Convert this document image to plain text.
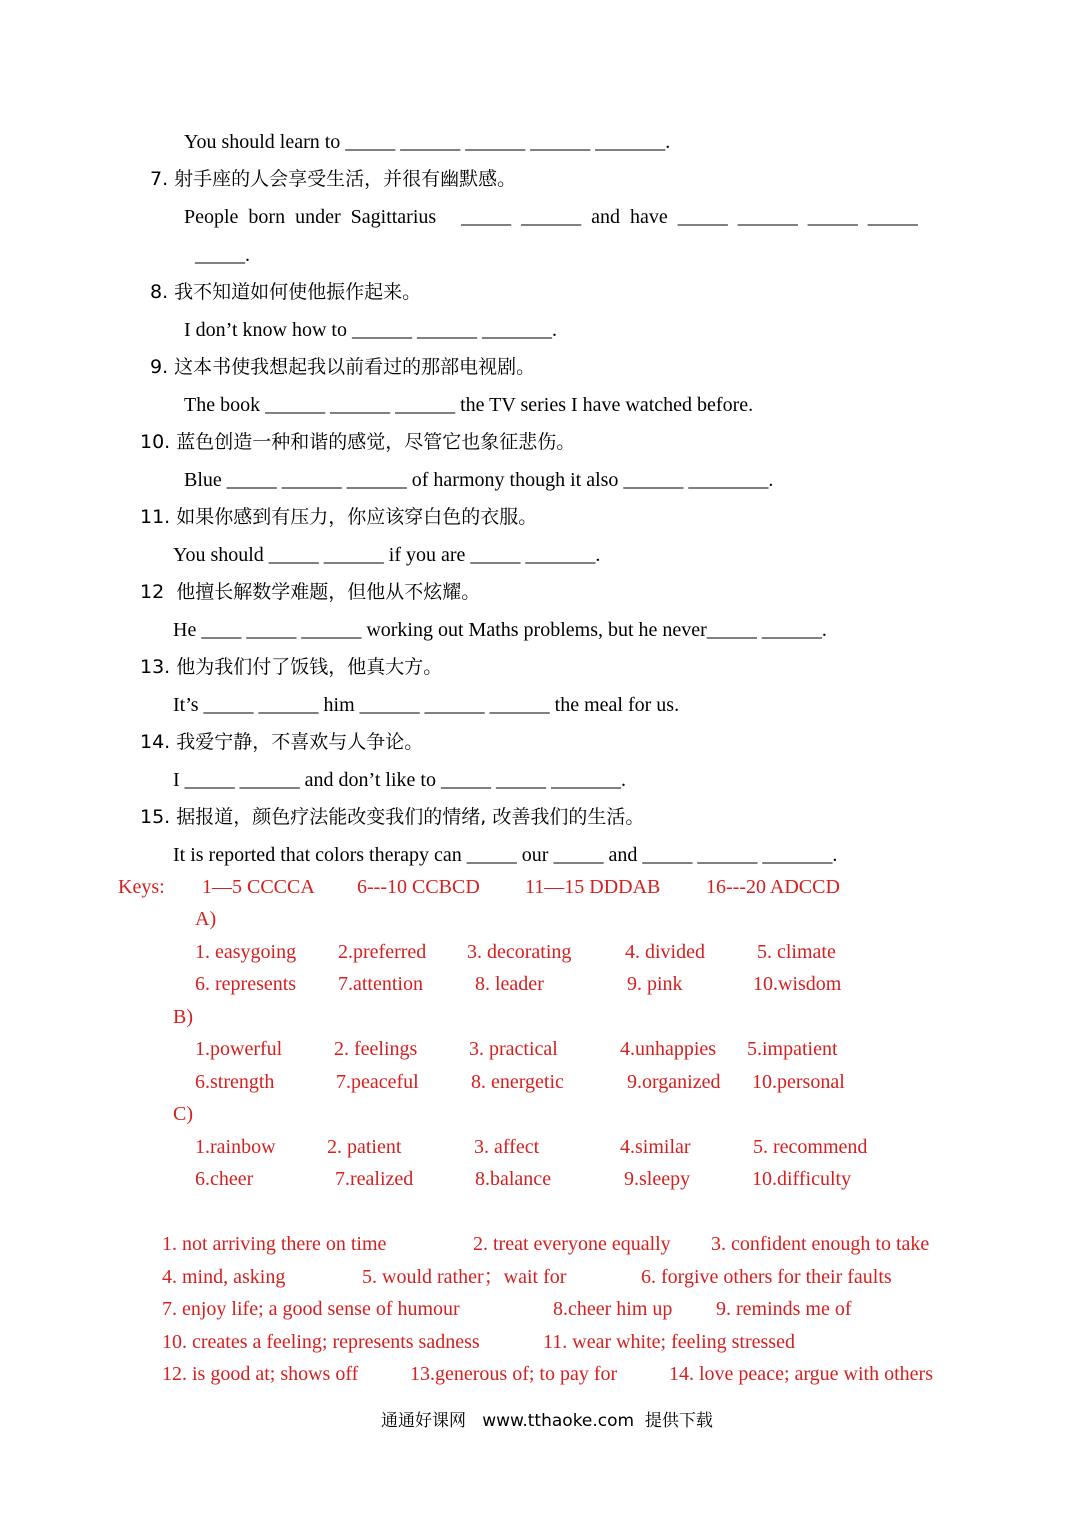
You should learn to _____ ______ ______ ______ _______.
7. 射手座的人会享受生活，并很有幽默感。
People  born  under  Sagittarius     _____  ______  and  have  _____  ______  _____  _____
_____.
8. 我不知道如何使他振作起来。
I don’t know how to ______ ______ _______.
9. 这本书使我想起我以前看过的那部电视剧。
The book ______ ______ ______ the TV series I have watched before.
10. 蓝色创造一种和谐的感觉，尽管它也象征悲伤。
Blue _____ ______ ______ of harmony though it also ______ ________.
11. 如果你感到有压力，你应该穿白色的衣服。
You should _____ ______ if you are _____ _______.
12  他擅长解数学难题，但他从不炫耀。
He ____ _____ ______ working out Maths problems, but he never_____ ______.
13. 他为我们付了饭钱，他真大方。
It’s _____ ______ him ______ ______ ______ the meal for us.
14. 我爱宁静，不喜欢与人争论。
I _____ ______ and don’t like to _____ _____ _______.
15. 据报道，颜色疗法能改变我们的情绪, 改善我们的生活。
It is reported that colors therapy can _____ our _____ and _____ ______ _______.
Keys: 1—5 CCCCA 6---10 CCBCD 11—15 DDDAB 16---20 ADCCD
A)
1. easygoing 2.preferred 3. decorating	4. divided	5. climate
6. represents 7.attention	8. leader	9. pink	10.wisdom
B)
1.powerful	2. feelings	3. practical	4.unhappies 5.impatient
6.strength	7.peaceful	8. energetic	9.organized 10.personal
C)
1.rainbow	2. patient	3. affect	4.similar	5. recommend
6.cheer	7.realized	8.balance	9.sleepy	10.difficulty
1. not arriving there on time	2. treat everyone equally 3. confident enough to take
4. mind, asking	5. would rather；wait for	6. forgive others for their faults
7. enjoy life; a good sense of humour	8.cheer him up 9. reminds me of
10. creates a feeling; represents sadness	11. wear white; feeling stressed
12. is good at; shows off	13.generous of; to pay for	14. love peace; argue with others
通通好课网   www.tthaoke.com  提供下载
